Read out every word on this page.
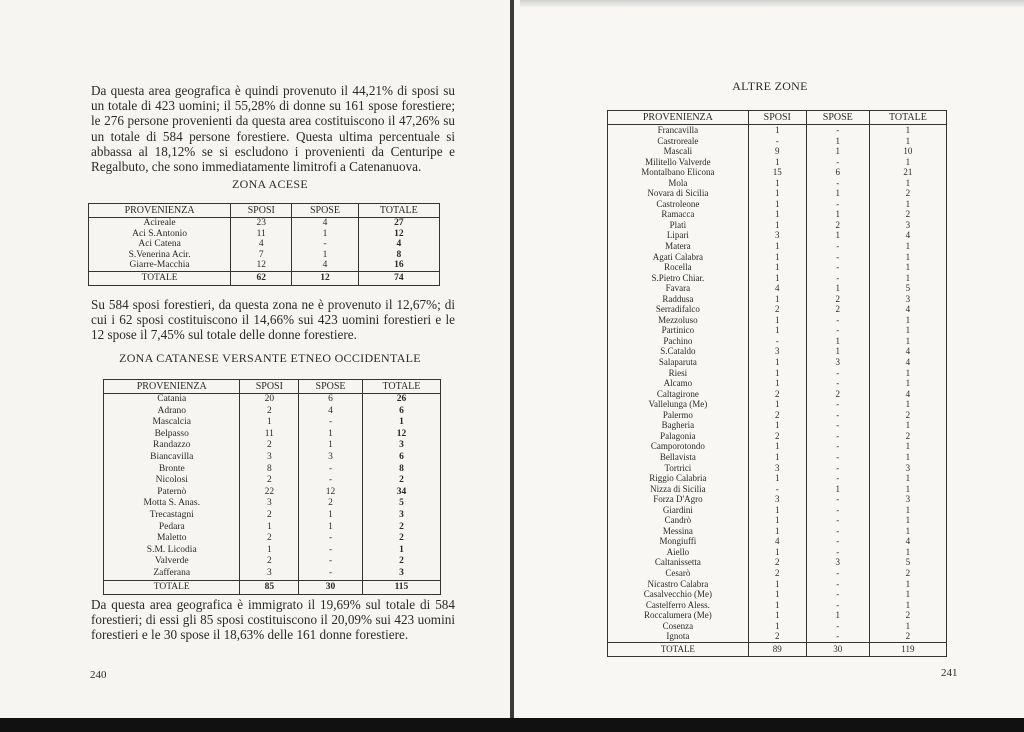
Da questa area geografica è quindi provenuto il 44,21% di sposi su un totale di 423 uomini; il 55,28% di donne su 161 spose forestiere; le 276 persone provenienti da questa area costituiscono il 47,26% su un totale di 584 persone forestiere. Questa ultima percentuale si abbassa al 18,12% se si escludono i provenienti da Centuripe e Regalbuto, che sono immediatamente limitrofi a Catenanuova.

ZONA ACESE

PROVENIENZA	SPOSI	SPOSE	TOTALE
Acireale	23	4	27
Aci S.Antonio	11	1	12
Aci Catena	4	-	4
S.Venerina Acir.	7	1	8
Giarre-Macchia	12	4	16
TOTALE	62	12	74

Su 584 sposi forestieri, da questa zona ne è provenuto il 12,67%; di cui i 62 sposi costituiscono il 14,66% sui 423 uomini forestieri e le 12 spose il 7,45% sul totale delle donne forestiere.

ZONA CATANESE VERSANTE ETNEO OCCIDENTALE

PROVENIENZA	SPOSI	SPOSE	TOTALE
Catania	20	6	26
Adrano	2	4	6
Mascalcia	1	-	1
Belpasso	11	1	12
Randazzo	2	1	3
Biancavilla	3	3	6
Bronte	8	-	8
Nicolosi	2	-	2
Paternò	22	12	34
Motta S. Anas.	3	2	5
Trecastagni	2	1	3
Pedara	1	1	2
Maletto	2	-	2
S.M. Licodia	1	-	1
Valverde	2	-	2
Zafferana	3	-	3
TOTALE	85	30	115

Da questa area geografica è immigrato il 19,69% sul totale di 584 forestieri; di essi gli 85 sposi costituiscono il 20,09% sui 423 uomini forestieri e le 30 spose il 18,63% delle 161 donne forestiere.

240

ALTRE ZONE

PROVENIENZA	SPOSI	SPOSE	TOTALE
Francavilla	1	-	1
Castroreale	-	1	1
Mascali	9	1	10
Militello Valverde	1	-	1
Montalbano Elicona	15	6	21
Mola	1	-	1
Novara di Sicilia	1	1	2
Castroleone	1	-	1
Ramacca	1	1	2
Platì	1	2	3
Lipari	3	1	4
Matera	1	-	1
Agati Calabra	1	-	1
Rocella	1	-	1
S.Pietro Chiar.	1	-	1
Favara	4	1	5
Raddusa	1	2	3
Serradifalco	2	2	4
Mezzoluso	1	-	1
Partinico	1	-	1
Pachino	-	1	1
S.Cataldo	3	1	4
Salaparuta	1	3	4
Riesi	1	-	1
Alcamo	1	-	1
Caltagirone	2	2	4
Vallelunga (Me)	1	-	1
Palermo	2	-	2
Bagheria	1	-	1
Palagonia	2	-	2
Camporotondo	1	-	1
Bellavista	1	-	1
Tortrici	3	-	3
Riggio Calabria	1	-	1
Nizza di Sicilia	-	1	1
Forza D'Agro	3	-	3
Giardini	1	-	1
Candrò	1	-	1
Messina	1	-	1
Mongiuffi	4	-	4
Aiello	1	-	1
Caltanissetta	2	3	5
Cesarò	2	-	2
Nicastro Calabra	1	-	1
Casalvecchio (Me)	1	-	1
Castelferro Aless.	1	-	1
Roccalumera (Me)	1	1	2
Cosenza	1	-	1
Ignota	2	-	2
TOTALE	89	30	119
241
